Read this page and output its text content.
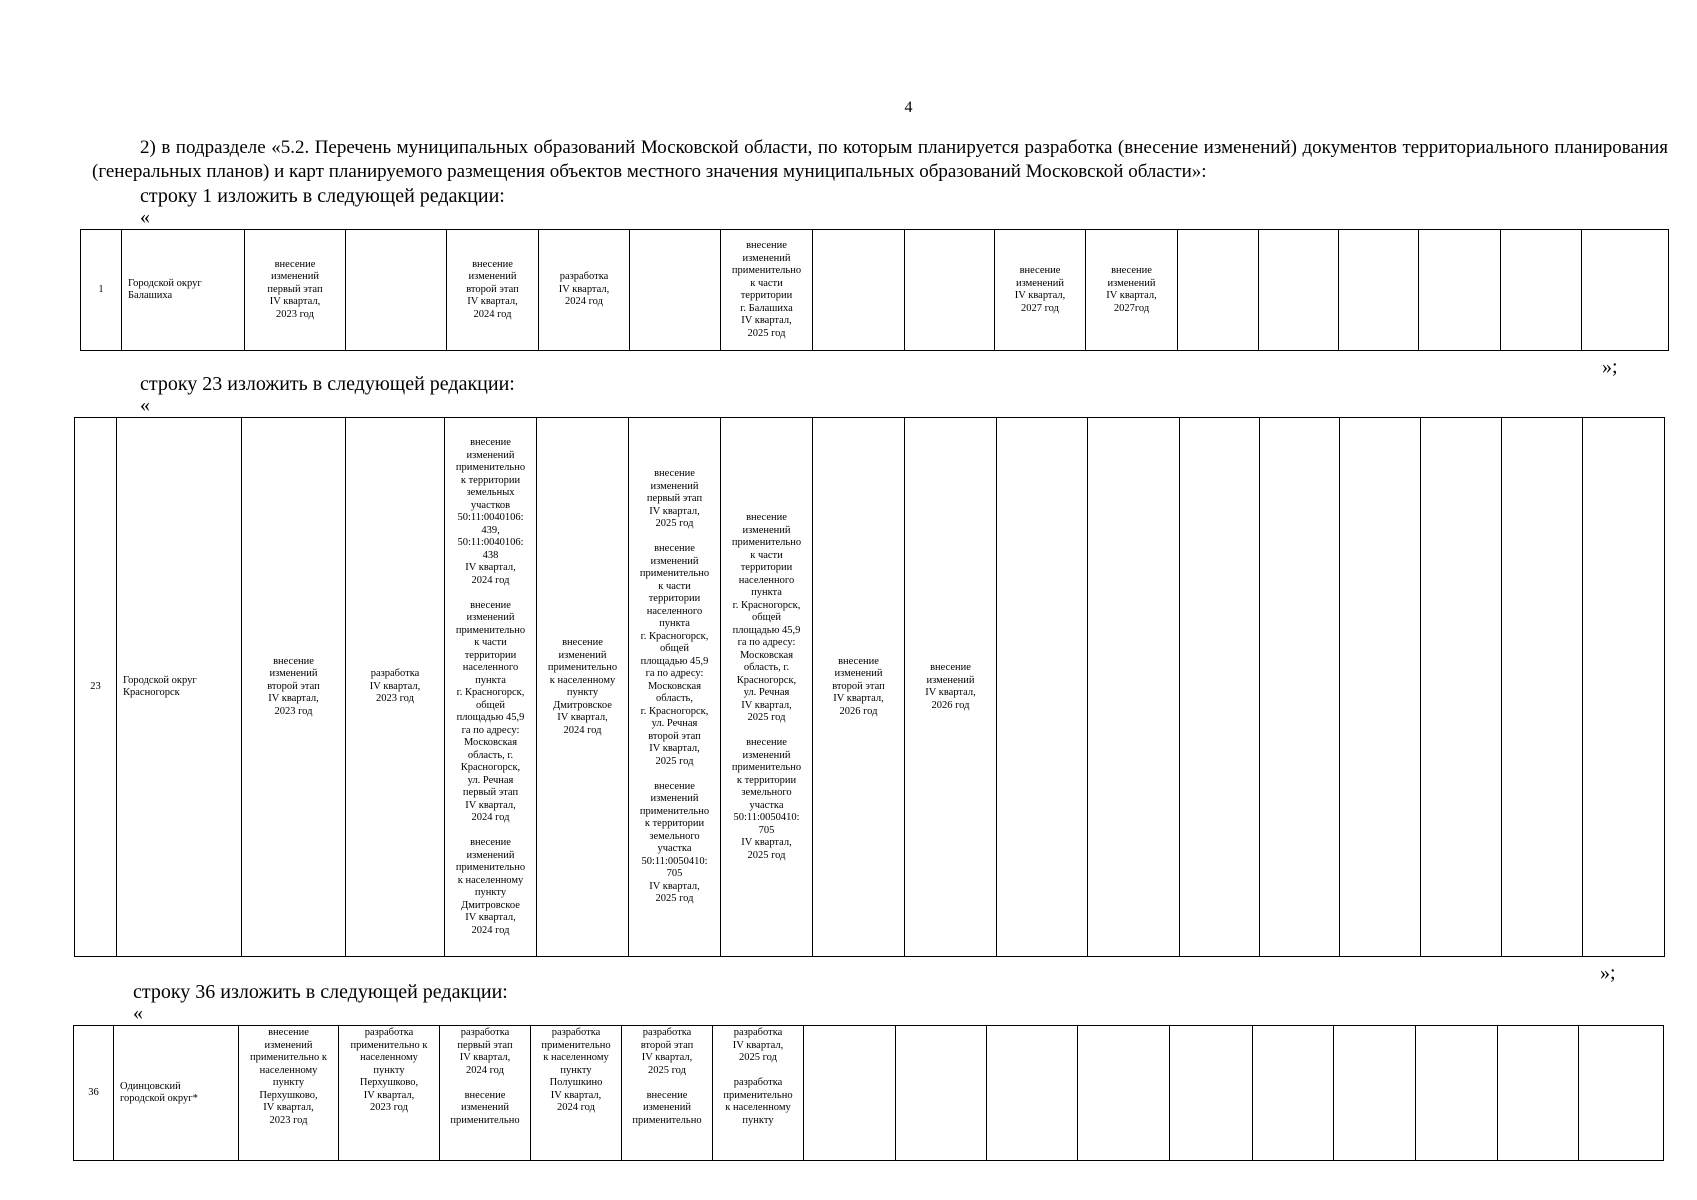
4
2) в подразделе «5.2. Перечень муниципальных образований Московской области, по которым планируется разработка (внесение изменений) документов территориального планирования (генеральных планов) и карт планируемого размещения объектов местного значения муниципальных образований Московской области»:
строку 1 изложить в следующей редакции:
«
1	Городской округ
Балашиха	внесение
изменений
первый этап
IV квартал,
2023 год		внесение
изменений
второй этап
IV квартал,
2024 год	разработка
IV квартал,
2024 год		внесение
изменений
применительно
к части
территории
г. Балашиха
IV квартал,
2025 год			внесение
изменений
IV квартал,
2027 год	внесение
изменений
IV квартал,
2027год						
»;
строку 23 изложить в следующей редакции:
«
23	Городской округ
Красногорск	внесение
изменений
второй этап
IV квартал,
2023 год	разработка
IV квартал,
2023 год	внесение
изменений
применительно
к территории
земельных
участков
50:11:0040106:
439,
50:11:0040106:
438
IV квартал,
2024 год

внесение
изменений
применительно
к части
территории
населенного
пункта
г. Красногорск,
общей
площадью 45,9
га по адресу:
Московская
область, г.
Красногорск,
ул. Речная
первый этап
IV квартал,
2024 год

внесение
изменений
применительно
к населенному
пункту
Дмитровское
IV квартал,
2024 год	внесение
изменений
применительно
к населенному
пункту
Дмитровское
IV квартал,
2024 год	внесение
изменений
первый этап
IV квартал,
2025 год

внесение
изменений
применительно
к части
территории
населенного
пункта
г. Красногорск,
общей
площадью 45,9
га по адресу:
Московская
область,
г. Красногорск,
ул. Речная
второй этап
IV квартал,
2025 год

внесение
изменений
применительно
к территории
земельного
участка
50:11:0050410:
705
IV квартал,
2025 год	внесение
изменений
применительно
к части
территории
населенного
пункта
г. Красногорск,
общей
площадью 45,9
га по адресу:
Московская
область, г.
Красногорск,
ул. Речная
IV квартал,
2025 год

внесение
изменений
применительно
к территории
земельного
участка
50:11:0050410:
705
IV квартал,
2025 год	внесение
изменений
второй этап
IV квартал,
2026 год	внесение
изменений
IV квартал,
2026 год								
»;
строку 36 изложить в следующей редакции:
«
36	Одинцовский
городской округ*	внесение
изменений
применительно к
населенному
пункту
Перхушково,
IV квартал,
2023 год	разработка
применительно к
населенному
пункту
Перхушково,
IV квартал,
2023 год	разработка
первый этап
IV квартал,
2024 год

внесение
изменений
применительно	разработка
применительно
к населенному
пункту
Полушкино
IV квартал,
2024 год	разработка
второй этап
IV квартал,
2025 год

внесение
изменений
применительно	разработка
IV квартал,
2025 год

разработка
применительно
к населенному
пункту										
